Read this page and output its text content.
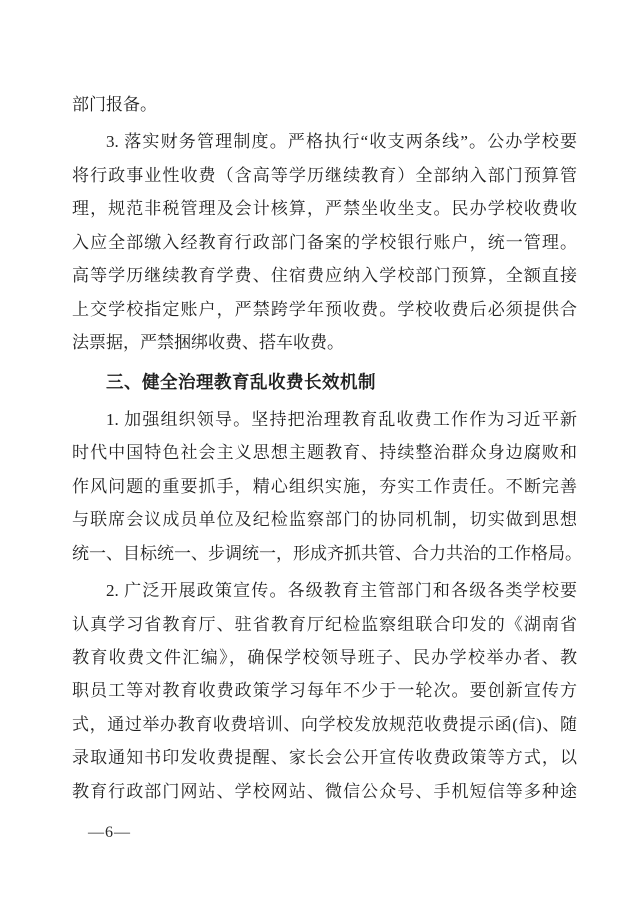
部门报备。
3. 落实财务管理制度。严格执行“收支两条线”。公办学校要
将行政事业性收费（含高等学历继续教育）全部纳入部门预算管
理，规范非税管理及会计核算，严禁坐收坐支。民办学校收费收
入应全部缴入经教育行政部门备案的学校银行账户，统一管理。
高等学历继续教育学费、住宿费应纳入学校部门预算，全额直接
上交学校指定账户，严禁跨学年预收费。学校收费后必须提供合
法票据，严禁捆绑收费、搭车收费。
三、健全治理教育乱收费长效机制
1. 加强组织领导。坚持把治理教育乱收费工作作为习近平新
时代中国特色社会主义思想主题教育、持续整治群众身边腐败和
作风问题的重要抓手，精心组织实施，夯实工作责任。不断完善
与联席会议成员单位及纪检监察部门的协同机制，切实做到思想
统一、目标统一、步调统一，形成齐抓共管、合力共治的工作格局。
2. 广泛开展政策宣传。各级教育主管部门和各级各类学校要
认真学习省教育厅、驻省教育厅纪检监察组联合印发的《湖南省
教育收费文件汇编》，确保学校领导班子、民办学校举办者、教
职员工等对教育收费政策学习每年不少于一轮次。要创新宣传方
式，通过举办教育收费培训、向学校发放规范收费提示函(信)、随
录取通知书印发收费提醒、家长会公开宣传收费政策等方式，以
教育行政部门网站、学校网站、微信公众号、手机短信等多种途
—6—
